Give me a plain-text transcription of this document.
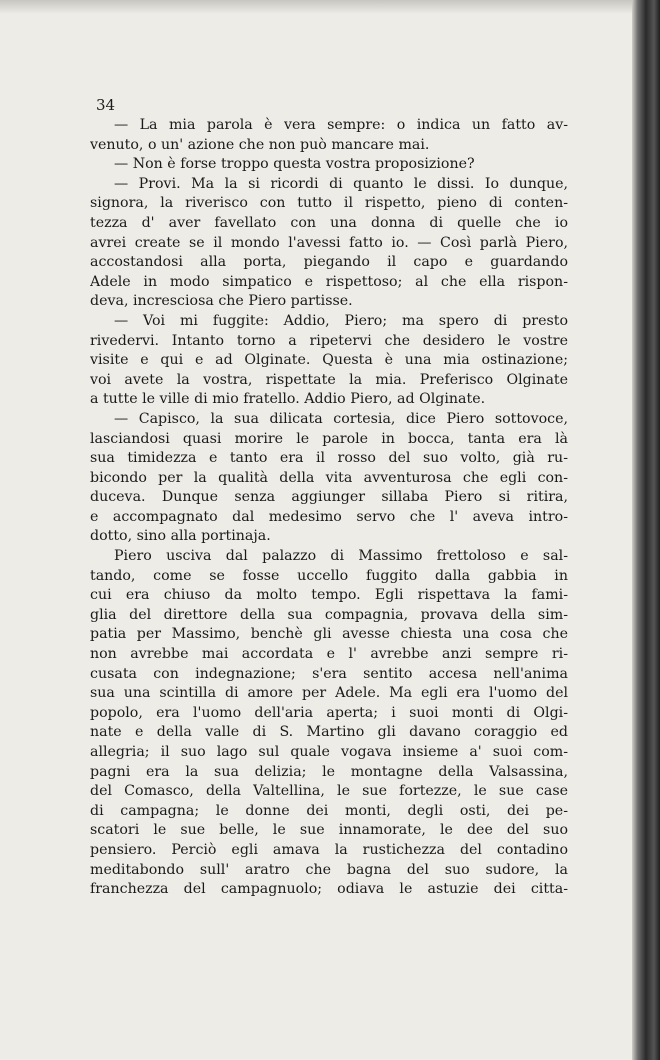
34
— La mia parola è vera sempre: o indica un fatto av-
venuto, o un' azione che non può mancare mai.
— Non è forse troppo questa vostra proposizione?
— Provi. Ma la si ricordi di quanto le dissi. Io dunque,
signora, la riverisco con tutto il rispetto, pieno di conten-
tezza d' aver favellato con una donna di quelle che io
avrei create se il mondo l'avessi fatto io. — Così parlà Piero,
accostandosi alla porta, piegando il capo e guardando
Adele in modo simpatico e rispettoso; al che ella rispon-
deva, incresciosa che Piero partisse.
— Voi mi fuggite: Addio, Piero; ma spero di presto
rivedervi. Intanto torno a ripetervi che desidero le vostre
visite e qui e ad Olginate. Questa è una mia ostinazione;
voi avete la vostra, rispettate la mia. Preferisco Olginate
a tutte le ville di mio fratello. Addio Piero, ad Olginate.
— Capisco, la sua dilicata cortesia, dice Piero sottovoce,
lasciandosi quasi morire le parole in bocca, tanta era là
sua timidezza e tanto era il rosso del suo volto, già ru-
bicondo per la qualità della vita avventurosa che egli con-
duceva. Dunque senza aggiunger sillaba Piero si ritira,
e accompagnato dal medesimo servo che l' aveva intro-
dotto, sino alla portinaja.
Piero usciva dal palazzo di Massimo frettoloso e sal-
tando, come se fosse uccello fuggito dalla gabbia in
cui era chiuso da molto tempo. Egli rispettava la fami-
glia del direttore della sua compagnia, provava della sim-
patia per Massimo, benchè gli avesse chiesta una cosa che
non avrebbe mai accordata e l' avrebbe anzi sempre ri-
cusata con indegnazione; s'era sentito accesa nell'anima
sua una scintilla di amore per Adele. Ma egli era l'uomo del
popolo, era l'uomo dell'aria aperta; i suoi monti di Olgi-
nate e della valle di S. Martino gli davano coraggio ed
allegria; il suo lago sul quale vogava insieme a' suoi com-
pagni era la sua delizia; le montagne della Valsassina,
del Comasco, della Valtellina, le sue fortezze, le sue case
di campagna; le donne dei monti, degli osti, dei pe-
scatori le sue belle, le sue innamorate, le dee del suo
pensiero. Perciò egli amava la rustichezza del contadino
meditabondo sull' aratro che bagna del suo sudore, la
franchezza del campagnuolo; odiava le astuzie dei citta-
